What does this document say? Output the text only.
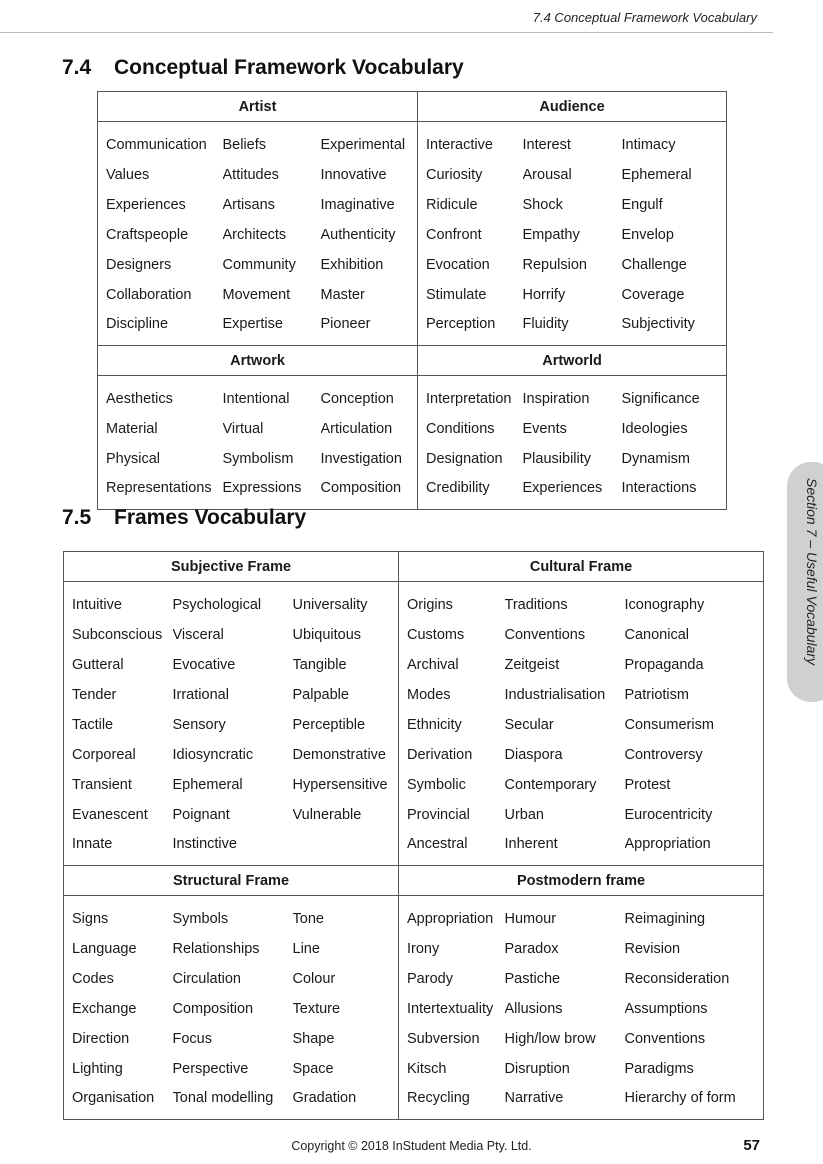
7.4 Conceptual Framework Vocabulary
7.4 Conceptual Framework Vocabulary
Artist			Audience		
Communication	Beliefs	Experimental	Interactive	Interest	Intimacy
Values	Attitudes	Innovative	Curiosity	Arousal	Ephemeral
Experiences	Artisans	Imaginative	Ridicule	Shock	Engulf
Craftspeople	Architects	Authenticity	Confront	Empathy	Envelop
Designers	Community	Exhibition	Evocation	Repulsion	Challenge
Collaboration	Movement	Master	Stimulate	Horrify	Coverage
Discipline	Expertise	Pioneer	Perception	Fluidity	Subjectivity
Artwork			Artworld		
Aesthetics	Intentional	Conception	Interpretation	Inspiration	Significance
Material	Virtual	Articulation	Conditions	Events	Ideologies
Physical	Symbolism	Investigation	Designation	Plausibility	Dynamism
Representations	Expressions	Composition	Credibility	Experiences	Interactions
7.5 Frames Vocabulary
Subjective Frame			Cultural Frame		
Intuitive	Psychological	Universality	Origins	Traditions	Iconography
Subconscious	Visceral	Ubiquitous	Customs	Conventions	Canonical
Gutteral	Evocative	Tangible	Archival	Zeitgeist	Propaganda
Tender	Irrational	Palpable	Modes	Industrialisation	Patriotism
Tactile	Sensory	Perceptible	Ethnicity	Secular	Consumerism
Corporeal	Idiosyncratic	Demonstrative	Derivation	Diaspora	Controversy
Transient	Ephemeral	Hypersensitive	Symbolic	Contemporary	Protest
Evanescent	Poignant	Vulnerable	Provincial	Urban	Eurocentricity
Innate	Instinctive		Ancestral	Inherent	Appropriation
Structural Frame			Postmodern frame		
Signs	Symbols	Tone	Appropriation	Humour	Reimagining
Language	Relationships	Line	Irony	Paradox	Revision
Codes	Circulation	Colour	Parody	Pastiche	Reconsideration
Exchange	Composition	Texture	Intertextuality	Allusions	Assumptions
Direction	Focus	Shape	Subversion	High/low brow	Conventions
Lighting	Perspective	Space	Kitsch	Disruption	Paradigms
Organisation	Tonal modelling	Gradation	Recycling	Narrative	Hierarchy of form
Section 7 – Useful Vocabulary
Copyright © 2018 InStudent Media Pty. Ltd.	57
